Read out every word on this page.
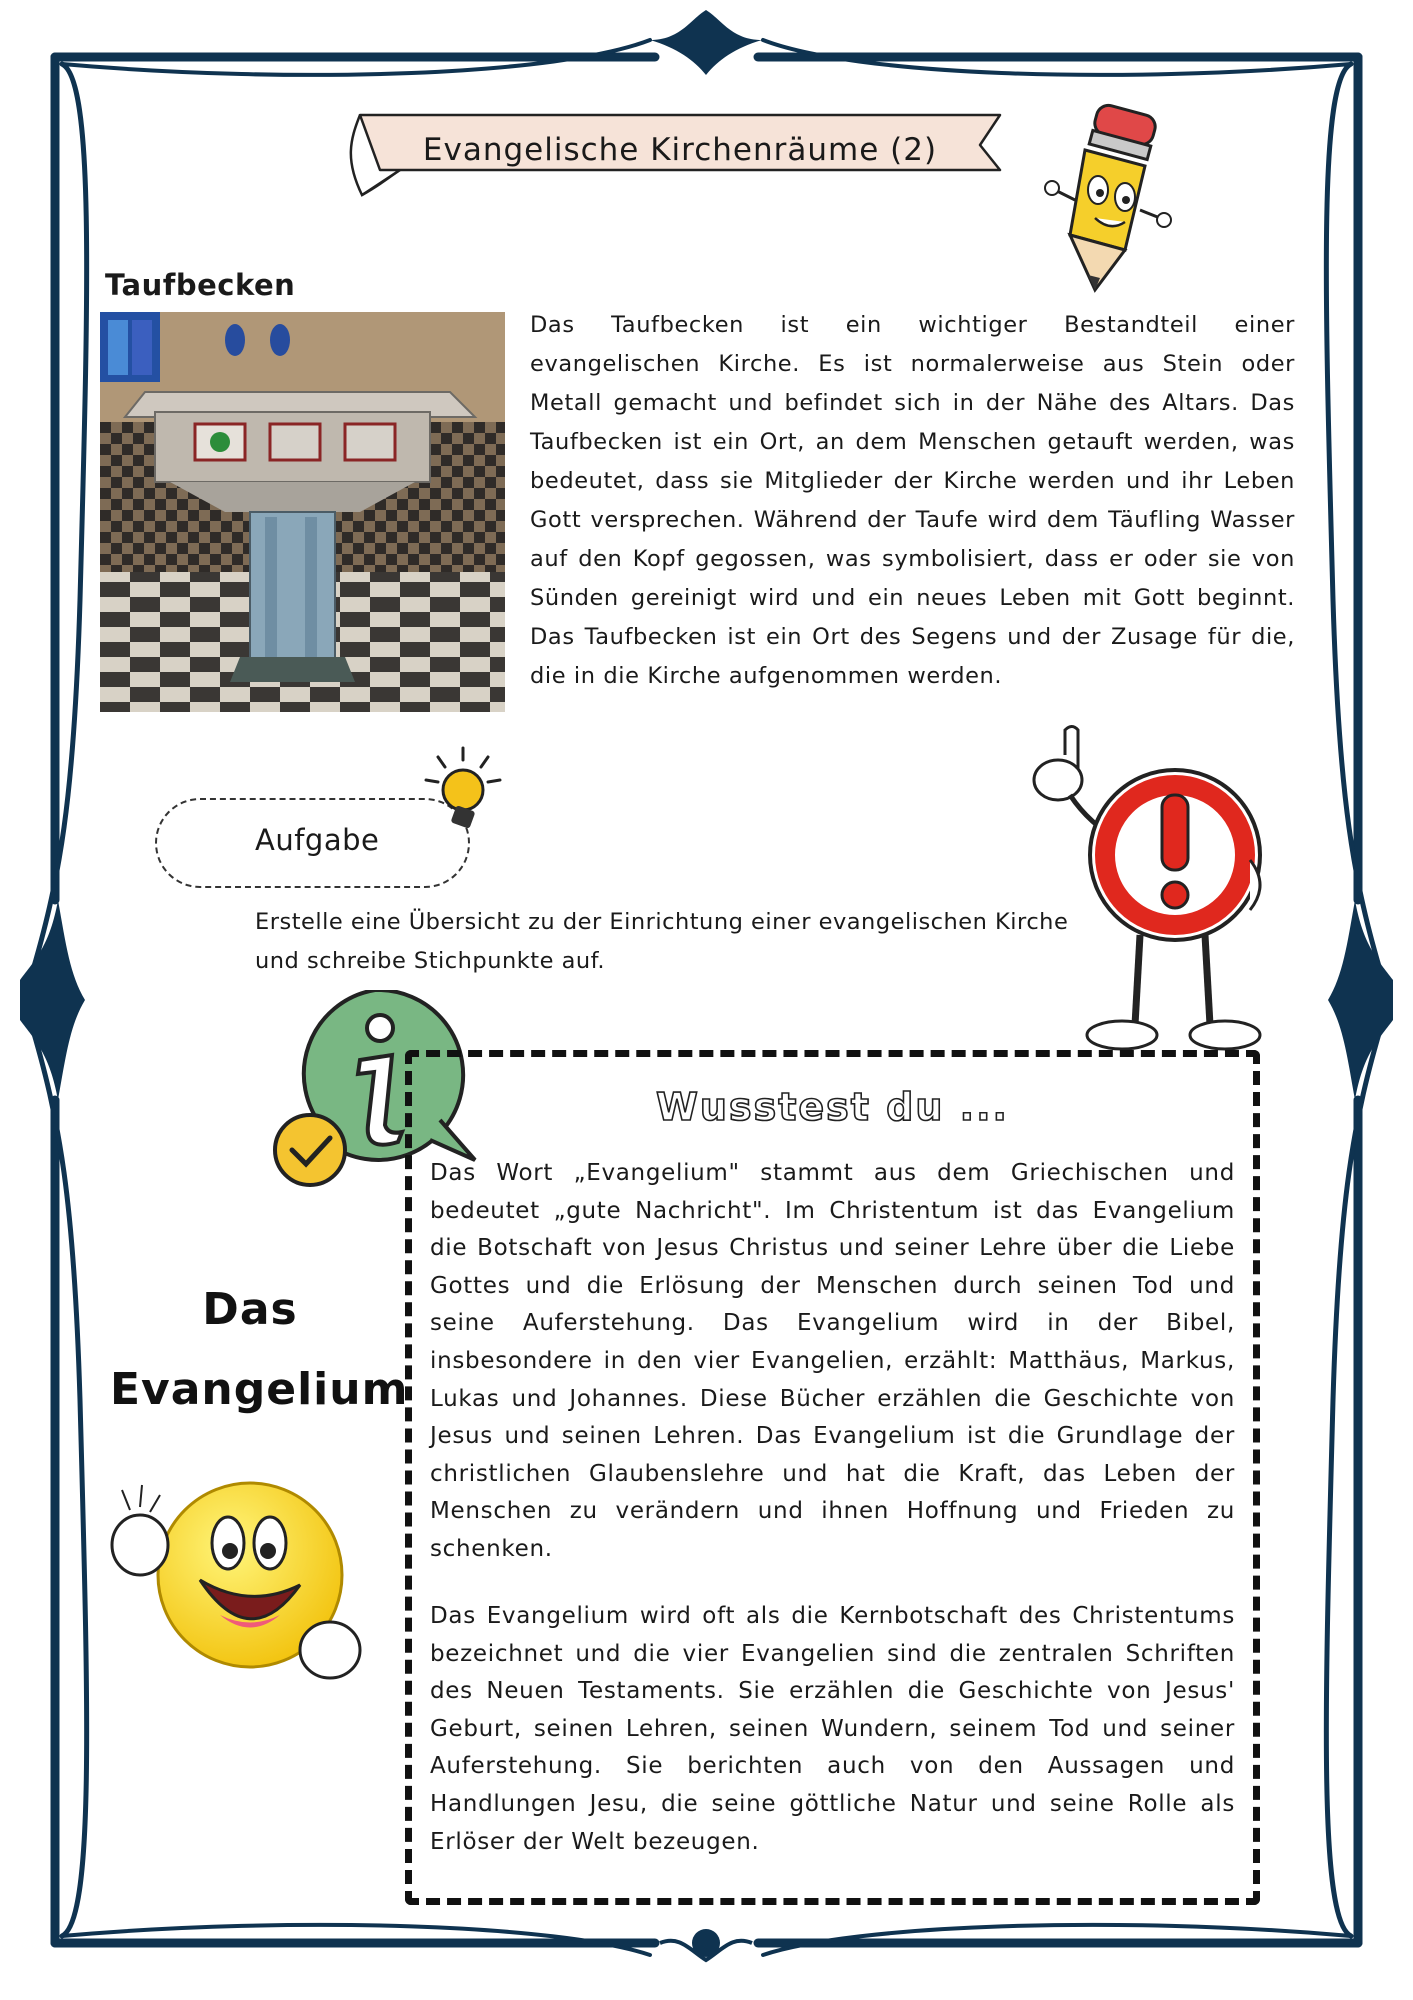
Evangelische Kirchenräume (2)
Taufbecken
Das Taufbecken ist ein wichtiger Bestandteil einer evangelischen Kirche. Es ist normalerweise aus Stein oder Metall gemacht und befindet sich in der Nähe des Altars. Das Taufbecken ist ein Ort, an dem Menschen getauft werden, was bedeutet, dass sie Mitglieder der Kirche werden und ihr Leben Gott versprechen. Während der Taufe wird dem Täufling Wasser auf den Kopf gegossen, was symbolisiert, dass er oder sie von Sünden gereinigt wird und ein neues Leben mit Gott beginnt. Das Taufbecken ist ein Ort des Segens und der Zusage für die, die in die Kirche aufgenommen werden.
Aufgabe
Erstelle eine Übersicht zu der Einrichtung einer evangelischen Kirche und schreibe Stichpunkte auf.
Wusstest du ...
Das Wort „Evangelium" stammt aus dem Griechischen und bedeutet „gute Nachricht". Im Christentum ist das Evangelium die Botschaft von Jesus Christus und seiner Lehre über die Liebe Gottes und die Erlösung der Menschen durch seinen Tod und seine Auferstehung. Das Evangelium wird in der Bibel, insbesondere in den vier Evangelien, erzählt: Matthäus, Markus, Lukas und Johannes. Diese Bücher erzählen die Geschichte von Jesus und seinen Lehren. Das Evangelium ist die Grundlage der christlichen Glaubenslehre und hat die Kraft, das Leben der Menschen zu verändern und ihnen Hoffnung und Frieden zu schenken.
Das Evangelium wird oft als die Kernbotschaft des Christentums bezeichnet und die vier Evangelien sind die zentralen Schriften des Neuen Testaments. Sie erzählen die Geschichte von Jesus' Geburt, seinen Lehren, seinen Wundern, seinem Tod und seiner Auferstehung. Sie berichten auch von den Aussagen und Handlungen Jesu, die seine göttliche Natur und seine Rolle als Erlöser der Welt bezeugen.
Das
Evangelium
